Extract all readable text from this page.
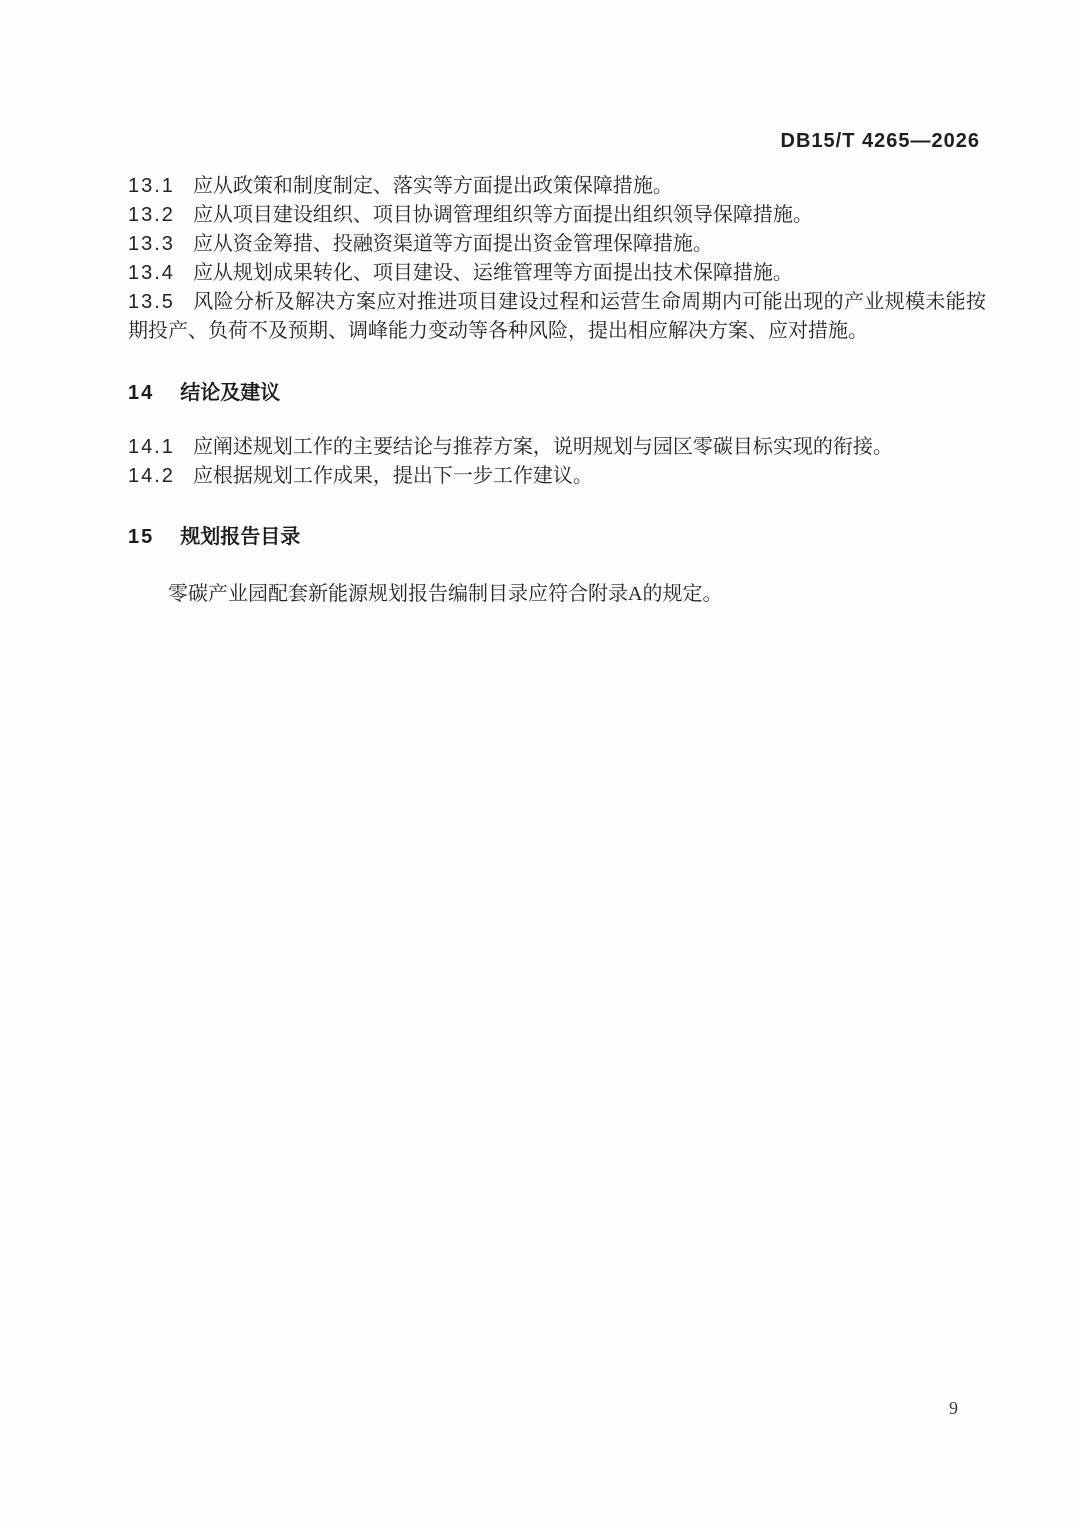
DB15/T 4265—2026

13.1 应从政策和制度制定、落实等方面提出政策保障措施。

13.2 应从项目建设组织、项目协调管理组织等方面提出组织领导保障措施。

13.3 应从资金筹措、投融资渠道等方面提出资金管理保障措施。

13.4 应从规划成果转化、项目建设、运维管理等方面提出技术保障措施。

13.5 风险分析及解决方案应对推进项目建设过程和运营生命周期内可能出现的产业规模未能按期投产、负荷不及预期、调峰能力变动等各种风险，提出相应解决方案、应对措施。

14 结论及建议

14.1 应阐述规划工作的主要结论与推荐方案，说明规划与园区零碳目标实现的衔接。

14.2 应根据规划工作成果，提出下一步工作建议。

15 规划报告目录

零碳产业园配套新能源规划报告编制目录应符合附录A的规定。

9
